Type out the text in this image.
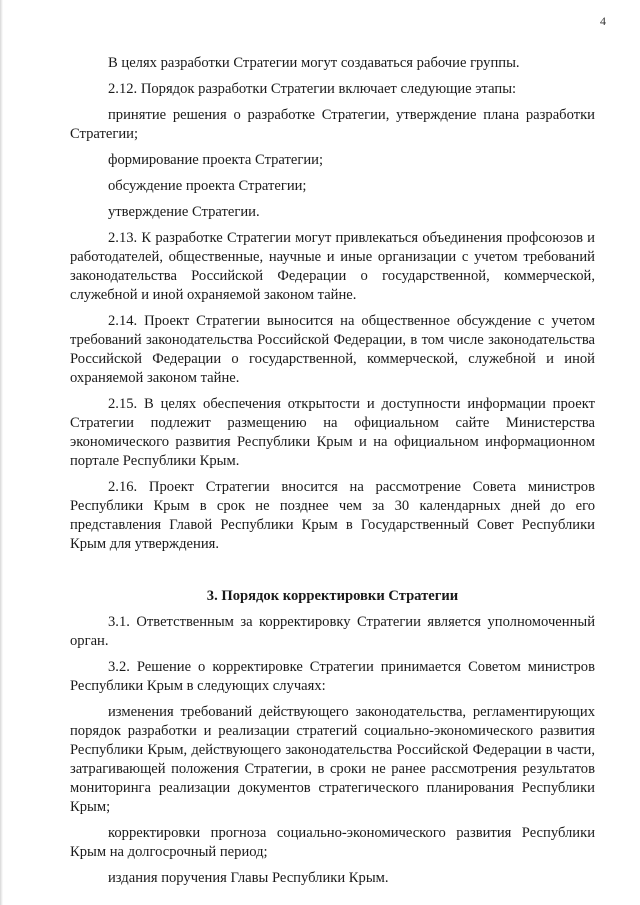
4

В целях разработки Стратегии могут создаваться рабочие группы.

2.12. Порядок разработки Стратегии включает следующие этапы:

принятие решения о разработке Стратегии, утверждение плана разработки Стратегии;

формирование проекта Стратегии;

обсуждение проекта Стратегии;

утверждение Стратегии.

2.13. К разработке Стратегии могут привлекаться объединения профсоюзов и работодателей, общественные, научные и иные организации с учетом требований законодательства Российской Федерации о государственной, коммерческой, служебной и иной охраняемой законом тайне.

2.14. Проект Стратегии выносится на общественное обсуждение с учетом требований законодательства Российской Федерации, в том числе законодательства Российской Федерации о государственной, коммерческой, служебной и иной охраняемой законом тайне.

2.15. В целях обеспечения открытости и доступности информации проект Стратегии подлежит размещению на официальном сайте Министерства экономического развития Республики Крым и на официальном информационном портале Республики Крым.

2.16. Проект Стратегии вносится на рассмотрение Совета министров Республики Крым в срок не позднее чем за 30 календарных дней до его представления Главой Республики Крым в Государственный Совет Республики Крым для утверждения.

3. Порядок корректировки Стратегии

3.1. Ответственным за корректировку Стратегии является уполномоченный орган.

3.2. Решение о корректировке Стратегии принимается Советом министров Республики Крым в следующих случаях:

изменения требований действующего законодательства, регламентирующих порядок разработки и реализации стратегий социально-экономического развития Республики Крым, действующего законодательства Российской Федерации в части, затрагивающей положения Стратегии, в сроки не ранее рассмотрения результатов мониторинга реализации документов стратегического планирования Республики Крым;

корректировки прогноза социально-экономического развития Республики Крым на долгосрочный период;

издания поручения Главы Республики Крым.
